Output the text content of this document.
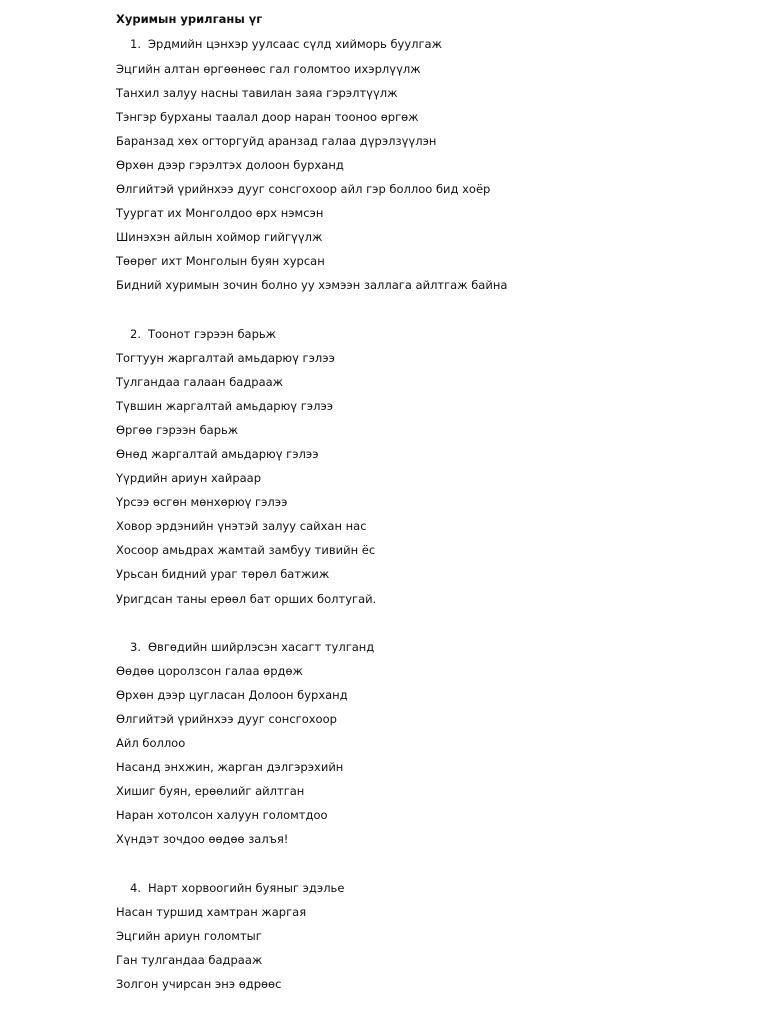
Хуримын урилганы үг
1. Эрдмийн цэнхэр уулсаас сүлд хийморь буулгаж
Эцгийн алтан өргөөнөөс гал голомтоо ихэрлүүлж
Танхил залуу насны тавилан заяа гэрэлтүүлж
Тэнгэр бурханы таалал доор наран тооноо өргөж
Баранзад хөх огторгуйд аранзад галаа дүрэлзүүлэн
Өрхөн дээр гэрэлтэх долоон бурханд
Өлгийтэй үрийнхээ дууг сонсгохоор айл гэр боллоо бид хоёр
Туургат их Монголдоо өрх нэмсэн
Шинэхэн айлын хоймор гийгүүлж
Төөрөг ихт Монголын буян хурсан
Бидний хуримын зочин болно уу хэмээн заллага айлтгаж байна
2. Тоонот гэрээн барьж
Тогтуун жаргалтай амьдарюү гэлээ
Тулгандаа галаан бадрааж
Түвшин жаргалтай амьдарюү гэлээ
Өргөө гэрээн барьж
Өнөд жаргалтай амьдарюү гэлээ
Үүрдийн ариун хайраар
Үрсээ өсгөн мөнхөрюү гэлээ
Ховор эрдэнийн үнэтэй залуу сайхан нас
Хосоор амьдрах жамтай замбуу тивийн ёс
Урьсан бидний ураг төрөл батжиж
Уригдсан таны ерөөл бат орших болтугай.
3. Өвгөдийн шийрлэсэн хасагт тулганд
Өөдөө цоролзсон галаа өрдөж
Өрхөн дээр цугласан Долоон бурханд
Өлгийтэй үрийнхээ дууг сонсгохоор
Айл боллоо
Насанд энхжин, жарган дэлгэрэхийн
Хишиг буян, ерөөлийг айлтган
Наран хотолсон халуун голомтдоо
Хүндэт зочдоо өөдөө залъя!
4. Нарт хорвоогийн буяныг эдэлье
Насан туршид хамтран жаргая
Эцгийн ариун голомтыг
Ган тулгандаа бадрааж
Золгон учирсан энэ өдрөөс
